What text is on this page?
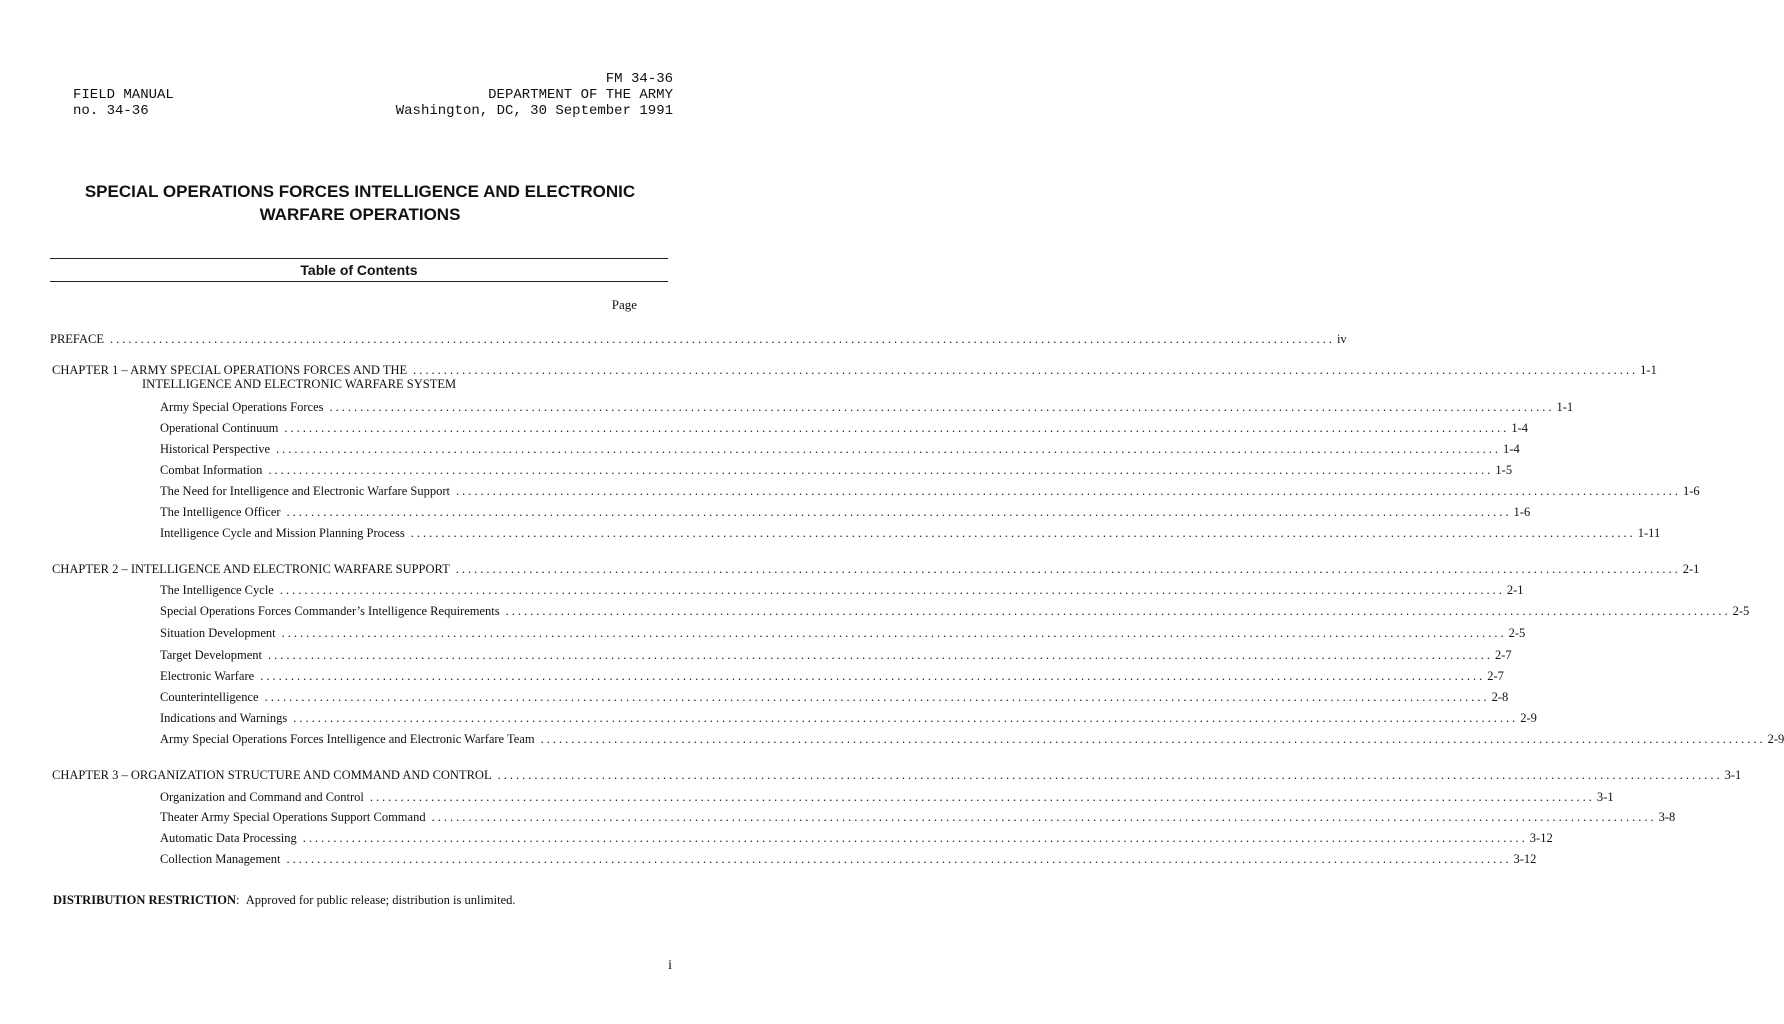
FIELD MANUAL
no. 34-36
FM 34-36
DEPARTMENT OF THE ARMY
Washington, DC, 30 September 1991
SPECIAL OPERATIONS FORCES INTELLIGENCE AND ELECTRONIC
WARFARE OPERATIONS
Table of Contents
Page
PREFACE ........................................................................................................................................................................................................ iv
CHAPTER 1 – ARMY SPECIAL OPERATIONS FORCES AND THE ........................................................................................................................................................................................................ 1-1
INTELLIGENCE AND ELECTRONIC WARFARE SYSTEM
Army Special Operations Forces ........................................................................................................................................................................................................ 1-1
Operational Continuum ........................................................................................................................................................................................................ 1-4
Historical Perspective ........................................................................................................................................................................................................ 1-4
Combat Information ........................................................................................................................................................................................................ 1-5
The Need for Intelligence and Electronic Warfare Support ........................................................................................................................................................................................................ 1-6
The Intelligence Officer ........................................................................................................................................................................................................ 1-6
Intelligence Cycle and Mission Planning Process ........................................................................................................................................................................................................ 1-11
CHAPTER 2 – INTELLIGENCE AND ELECTRONIC WARFARE SUPPORT ........................................................................................................................................................................................................ 2-1
The Intelligence Cycle ........................................................................................................................................................................................................ 2-1
Special Operations Forces Commander’s Intelligence Requirements ........................................................................................................................................................................................................ 2-5
Situation Development ........................................................................................................................................................................................................ 2-5
Target Development ........................................................................................................................................................................................................ 2-7
Electronic Warfare ........................................................................................................................................................................................................ 2-7
Counterintelligence ........................................................................................................................................................................................................ 2-8
Indications and Warnings ........................................................................................................................................................................................................ 2-9
Army Special Operations Forces Intelligence and Electronic Warfare Team ........................................................................................................................................................................................................ 2-9
CHAPTER 3 – ORGANIZATION STRUCTURE AND COMMAND AND CONTROL ........................................................................................................................................................................................................ 3-1
Organization and Command and Control ........................................................................................................................................................................................................ 3-1
Theater Army Special Operations Support Command ........................................................................................................................................................................................................ 3-8
Automatic Data Processing ........................................................................................................................................................................................................ 3-12
Collection Management ........................................................................................................................................................................................................ 3-12
DISTRIBUTION RESTRICTION:  Approved for public release; distribution is unlimited.
i
